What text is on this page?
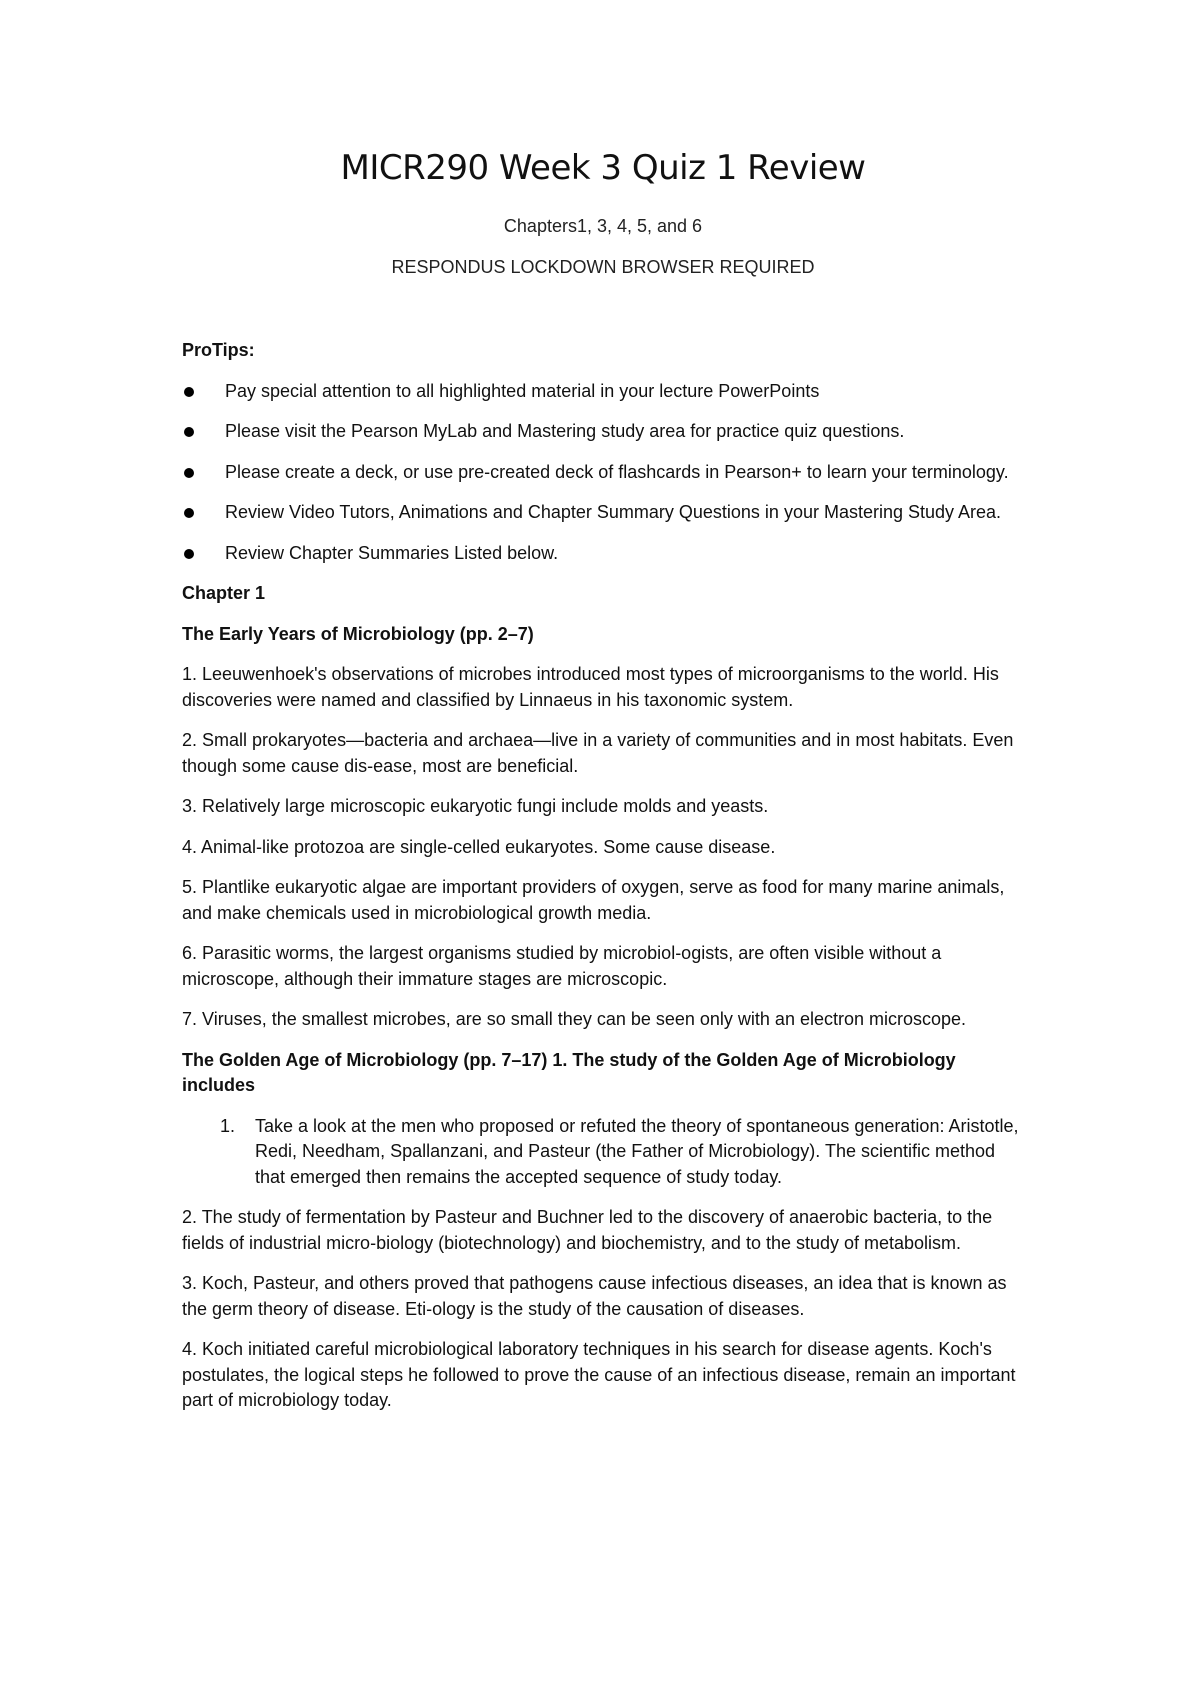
MICR290 Week 3 Quiz 1 Review

Chapters1, 3, 4, 5, and 6

RESPONDUS LOCKDOWN BROWSER REQUIRED

ProTips:

Pay special attention to all highlighted material in your lecture PowerPoints
Please visit the Pearson MyLab and Mastering study area for practice quiz questions.
Please create a deck, or use pre-created deck of flashcards in Pearson+ to learn your terminology.
Review Video Tutors, Animations and Chapter Summary Questions in your Mastering Study Area.
Review Chapter Summaries Listed below.

Chapter 1

The Early Years of Microbiology (pp. 2–7)

1. Leeuwenhoek's observations of microbes introduced most types of microorganisms to the world. His discoveries were named and classified by Linnaeus in his taxonomic system.

2. Small prokaryotes—bacteria and archaea—live in a variety of communities and in most habitats. Even though some cause dis-ease, most are beneficial.

3. Relatively large microscopic eukaryotic fungi include molds and yeasts.

4. Animal-like protozoa are single-celled eukaryotes. Some cause disease.

5. Plantlike eukaryotic algae are important providers of oxygen, serve as food for many marine animals, and make chemicals used in microbiological growth media.

6. Parasitic worms, the largest organisms studied by microbiol-ogists, are often visible without a microscope, although their immature stages are microscopic.

7. Viruses, the smallest microbes, are so small they can be seen only with an electron microscope.

The Golden Age of Microbiology (pp. 7–17) 1. The study of the Golden Age of Microbiology includes

1. Take a look at the men who proposed or refuted the theory of spontaneous generation: Aristotle, Redi, Needham, Spallanzani, and Pasteur (the Father of Microbiology). The scientific method that emerged then remains the accepted sequence of study today.

2. The study of fermentation by Pasteur and Buchner led to the discovery of anaerobic bacteria, to the fields of industrial micro-biology (biotechnology) and biochemistry, and to the study of metabolism.

3. Koch, Pasteur, and others proved that pathogens cause infectious diseases, an idea that is known as the germ theory of disease. Eti-ology is the study of the causation of diseases.

4. Koch initiated careful microbiological laboratory techniques in his search for disease agents. Koch's postulates, the logical steps he followed to prove the cause of an infectious disease, remain an important part of microbiology today.
